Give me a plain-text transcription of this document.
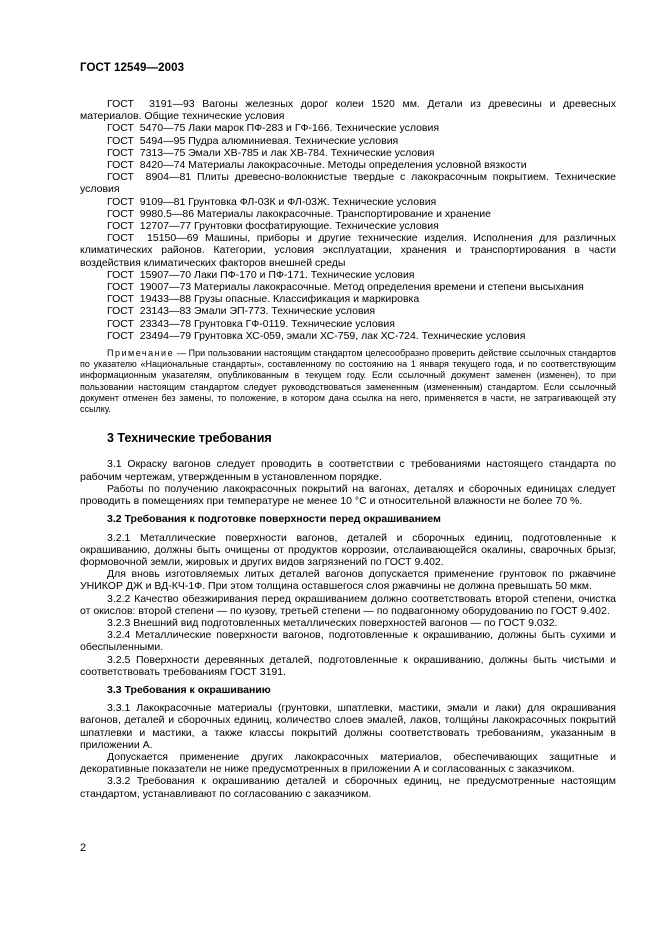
ГОСТ 12549—2003

ГОСТ  3191—93 Вагоны железных дорог колеи 1520 мм. Детали из древесины и древесных материалов. Общие технические условия

ГОСТ  5470—75 Лаки марок ПФ-283 и ГФ-166. Технические условия

ГОСТ  5494—95 Пудра алюминиевая. Технические условия

ГОСТ  7313—75 Эмали ХВ-785 и лак ХВ-784. Технические условия

ГОСТ  8420—74 Материалы лакокрасочные. Методы определения условной вязкости

ГОСТ  8904—81 Плиты древесно-волокнистые твердые с лакокрасочным покрытием. Технические условия

ГОСТ  9109—81 Грунтовка ФЛ-03К и ФЛ-03Ж. Технические условия

ГОСТ  9980.5—86 Материалы лакокрасочные. Транспортирование и хранение

ГОСТ  12707—77 Грунтовки фосфатирующие. Технические условия

ГОСТ  15150—69 Машины, приборы и другие технические изделия. Исполнения для различных климатических районов. Категории, условия эксплуатации, хранения и транспортирования в части воздействия климатических факторов внешней среды

ГОСТ  15907—70 Лаки ПФ-170 и ПФ-171. Технические условия

ГОСТ  19007—73 Материалы лакокрасочные. Метод определения времени и степени высыхания

ГОСТ  19433—88 Грузы опасные. Классификация и маркировка

ГОСТ  23143—83 Эмали ЭП-773. Технические условия

ГОСТ  23343—78 Грунтовка ГФ-0119. Технические условия

ГОСТ  23494—79 Грунтовка ХС-059, эмали ХС-759, лак ХС-724. Технические условия

Примечание — При пользовании настоящим стандартом целесообразно проверить действие ссылочных стандартов по указателю «Национальные стандарты», составленному по состоянию на 1 января текущего года, и по соответствующим информационным указателям, опубликованным в текущем году. Если ссылочный документ заменен (изменен), то при пользовании настоящим стандартом следует руководствоваться замененным (измененным) стандартом. Если ссылочный документ отменен без замены, то положение, в котором дана ссылка на него, применяется в части, не затрагивающей эту ссылку.

3 Технические требования

3.1 Окраску вагонов следует проводить в соответствии с требованиями настоящего стандарта по рабочим чертежам, утвержденным в установленном порядке.

Работы по получению лакокрасочных покрытий на вагонах, деталях и сборочных единицах следует проводить в помещениях при температуре не менее 10 °С и относительной влажности не более 70 %.

3.2 Требования к подготовке поверхности перед окрашиванием

3.2.1 Металлические поверхности вагонов, деталей и сборочных единиц, подготовленные к окрашиванию, должны быть очищены от продуктов коррозии, отслаивающейся окалины, сварочных брызг, формовочной земли, жировых и других видов загрязнений по ГОСТ 9.402.

Для вновь изготовляемых литых деталей вагонов допускается применение грунтовок по ржавчине УНИКОР ДЖ и ВД-КЧ-1Ф. При этом толщина оставшегося слоя ржавчины не должна превышать 50 мкм.

3.2.2 Качество обезжиривания перед окрашиванием должно соответствовать второй степени, очистка от окислов: второй степени — по кузову, третьей степени — по подвагонному оборудованию по ГОСТ 9.402.

3.2.3 Внешний вид подготовленных металлических поверхностей вагонов — по ГОСТ 9.032.

3.2.4 Металлические поверхности вагонов, подготовленные к окрашиванию, должны быть сухими и обеспыленными.

3.2.5 Поверхности деревянных деталей, подготовленные к окрашиванию, должны быть чистыми и соответствовать требованиям ГОСТ 3191.

3.3 Требования к окрашиванию

3.3.1 Лакокрасочные материалы (грунтовки, шпатлевки, мастики, эмали и лаки) для окрашивания вагонов, деталей и сборочных единиц, количество слоев эмалей, лаков, толщи́ны лакокрасочных покрытий шпатлевки и мастики, а также классы покрытий должны соответствовать требованиям, указанным в приложении А.

Допускается применение других лакокрасочных материалов, обеспечивающих защитные и декоративные показатели не ниже предусмотренных в приложении А и согласованных с заказчиком.

3.3.2 Требования к окрашиванию деталей и сборочных единиц, не предусмотренные настоящим стандартом, устанавливают по согласованию с заказчиком.

2
